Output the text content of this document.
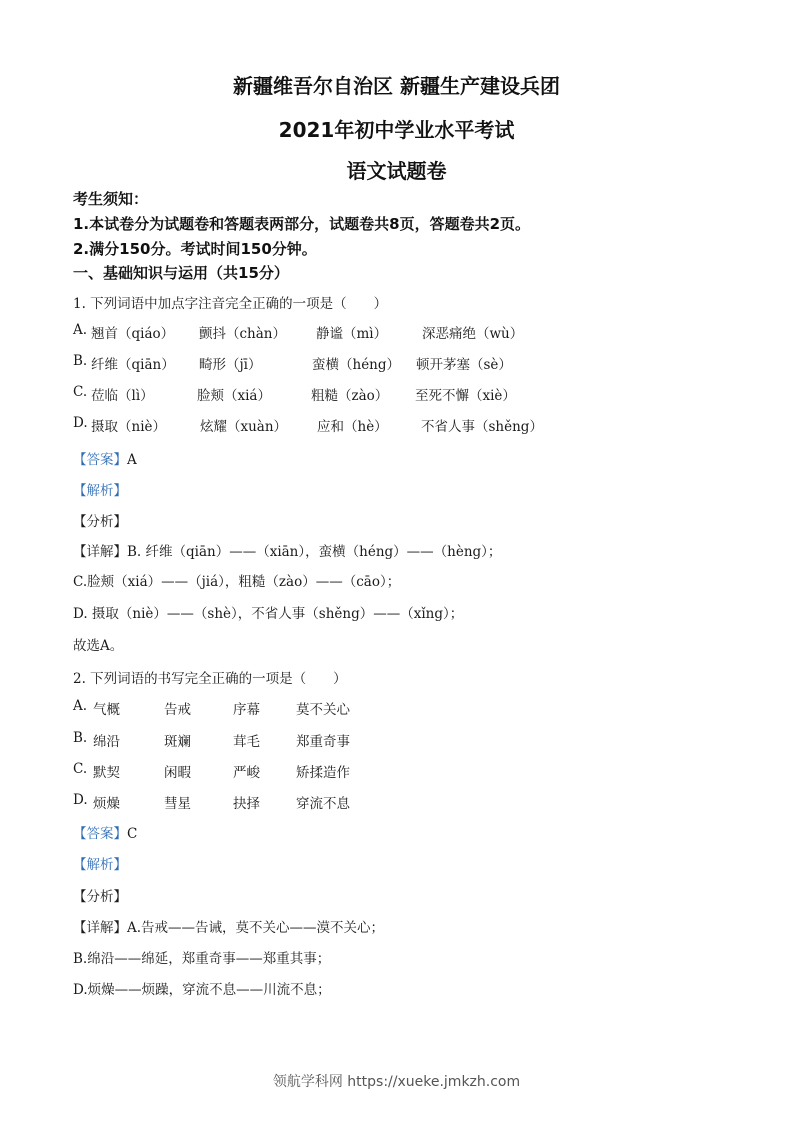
新疆维吾尔自治区 新疆生产建设兵团
2021年初中学业水平考试
语文试题卷
考生须知：
1.本试卷分为试题卷和答题表两部分，试题卷共8页，答题卷共2页。
2.满分150分。考试时间150分钟。
一、基础知识与运用（共15分）
1. 下列词语中加点字注音完全正确的一项是（　　）
A. 翘首（qiáo） 颤抖（chàn） 静谧（mì）	深恶痛绝（wù）
B. 纤维（qiān） 畸形（jī）	蛮横（héng） 顿开茅塞（sè）
C. 莅临（lì）	脸颊（xiá）	粗糙（zào） 至死不懈（xiè）
D. 摄取（niè）	炫耀（xuàn） 应和（hè） 不省人事（shěng）
【答案】A
【解析】
【分析】
【详解】B. 纤维（qiān）——（xiān），蛮横（héng）——（hèng）；
C.脸颊（xiá）——（jiá），粗糙（zào）——（cāo）；
D. 摄取（niè）——（shè），不省人事（shěng）——（xǐng）；
故选A。
2. 下列词语的书写完全正确的一项是（　　）
A. 气概	告戒	序幕	莫不关心
B. 绵沿	斑斓	茸毛	郑重奇事
C. 默契	闲暇	严峻	矫揉造作
D. 烦燥	彗星	抉择	穿流不息
【答案】C
【解析】
【分析】
【详解】A.告戒——告诫，莫不关心——漠不关心；
B.绵沿——绵延，郑重奇事——郑重其事；
D.烦燥——烦躁，穿流不息——川流不息；
领航学科网 https://xueke.jmkzh.com
